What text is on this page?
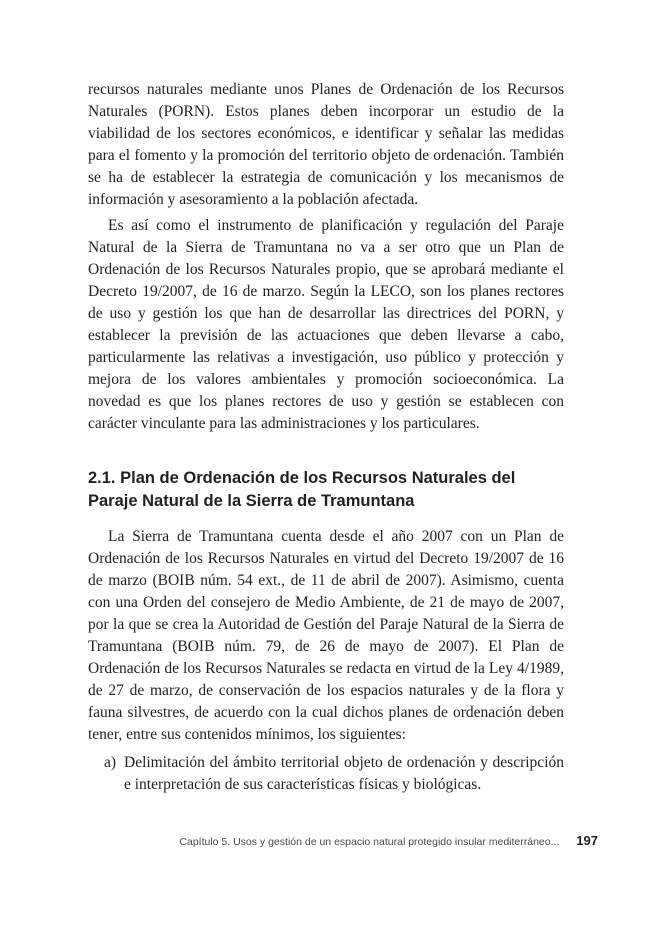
recursos naturales mediante unos Planes de Ordenación de los Recursos Naturales (PORN). Estos planes deben incorporar un estudio de la viabilidad de los sectores económicos, e identificar y señalar las medidas para el fomento y la promoción del territorio objeto de ordenación. También se ha de establecer la estrategia de comunicación y los mecanismos de información y asesoramiento a la población afectada.

Es así como el instrumento de planificación y regulación del Paraje Natural de la Sierra de Tramuntana no va a ser otro que un Plan de Ordenación de los Recursos Naturales propio, que se aprobará mediante el Decreto 19/2007, de 16 de marzo. Según la LECO, son los planes rectores de uso y gestión los que han de desarrollar las directrices del PORN, y establecer la previsión de las actuaciones que deben llevarse a cabo, particularmente las relativas a investigación, uso público y protección y mejora de los valores ambientales y promoción socioeconómica. La novedad es que los planes rectores de uso y gestión se establecen con carácter vinculante para las administraciones y los particulares.

2.1. Plan de Ordenación de los Recursos Naturales del Paraje Natural de la Sierra de Tramuntana

La Sierra de Tramuntana cuenta desde el año 2007 con un Plan de Ordenación de los Recursos Naturales en virtud del Decreto 19/2007 de 16 de marzo (BOIB núm. 54 ext., de 11 de abril de 2007). Asimismo, cuenta con una Orden del consejero de Medio Ambiente, de 21 de mayo de 2007, por la que se crea la Autoridad de Gestión del Paraje Natural de la Sierra de Tramuntana (BOIB núm. 79, de 26 de mayo de 2007). El Plan de Ordenación de los Recursos Naturales se redacta en virtud de la Ley 4/1989, de 27 de marzo, de conservación de los espacios naturales y de la flora y fauna silvestres, de acuerdo con la cual dichos planes de ordenación deben tener, entre sus contenidos mínimos, los siguientes:

a) Delimitación del ámbito territorial objeto de ordenación y descripción e interpretación de sus características físicas y biológicas.
Capítulo 5. Usos y gestión de un espacio natural protegido insular mediterráneo... 197
